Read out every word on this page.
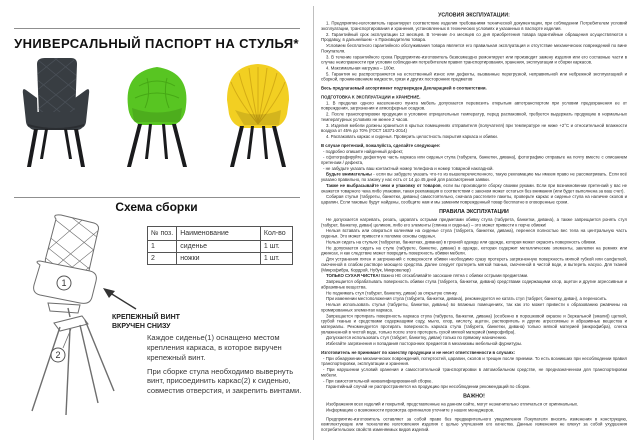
УНИВЕРСАЛЬНЫЙ ПАСПОРТ НА СТУЛЬЯ*
Схема сборки
1
2
№ поз.	Наименование	Кол-во
1	сиденье	1 шт.
2	ножки	1 шт.
КРЕПЕЖНЫЙ ВИНТ
ВКРУЧЕН СНИЗУ

Каждое сиденье(1) оснащено местом крепления каркаса, в которое вкручен крепежный винт.

При сборке стула необходимо вывернуть винт, присоединить каркас(2) к сиденью, совместив отверстия, и закрепить винтами.

УСЛОВИЯ ЭКСПЛУАТАЦИИ:
1. Предприятие-изготовитель гарантирует соответствие изделия требованиям технической документации, при соблюдении Потребителем условий эксплуатации, транспортирования и хранения, установленных в технических условиях и указанных в паспорте изделия.
2. Гарантийный срок эксплуатации 12 месяцев. В течение 4-х месяцев со дня приобретения товара гарантийные обращения осуществляются к Продавцу, в дальнейшем - к Производителю товара.
Условием бесплатного гарантийного обслуживания товара является его правильная эксплуатация и отсутствие механических повреждений по вине Покупателя.
3. В течение гарантийного срока Предприятие-изготовитель безвозмездно ремонтирует или производит замену изделия или его составные части в случае неисправности при условии соблюдения потребителем правил транспортирования, хранения, эксплуатации и сборки каркасов.
4. Максимальная нагрузка – 100кг.
5. Гарантия не распространяется на естественный износ или дефекты, вызванные перегрузкой, неправильной или небрежной эксплуатацией и сборкой, проникновением жидкости, грязи и других посторонних предметов
Весь предлагаемый ассортимент подтвержден Декларацией о соответствии.
ПОДГОТОВКА К ЭКСПЛУАТАЦИИ и ХРАНЕНИЕ.
1. В пределах одного населенного пункта мебель допускается перевозить открытым автотранспортом при условии предохранения ее от повреждения, загрязнения и атмосферных осадков.
2. После транспортировки продукции в условиях отрицательных температур, перед распаковкой, требуется выдержать продукцию в нормальных температурных условиях не менее 2 часов.
3. Изделия мебели должны храниться в крытых помещениях отправителя (получателя) при температуре не ниже +2°С и относительной влажности воздуха от 45% до 70% (ГОСТ 16371-2014)
4. Распаковать каркас и сиденья. Проверить целостность покрытия каркаса и обивки.
В случае претензий, пожалуйста, сделайте следующее:
- подробно опишите найденный дефект,
- сфотографируйте дефектную часть каркаса или сиденья стула (табурета, банкетки, дивана), фотографию отправьте на почту вместе с описанием претензии / дефекта,
- не забудьте указать ваш контактный номер телефона и номер товарной накладной.
Будьте внимательны - если вы забудете указать что-то из вышеперечисленного, такую рекламацию мы имеем право не рассматривать. Если всё указано правильно, по закону у нас есть от 14 до 45 дней для рассмотрения заявки.
Также не выбрасывайте чеки и упаковку от товаров, если вы производите сборку своими руками. Если при возникновении претензий у вас не окажется товарного чека либо упаковки, такая рекламация в соответствии с законом может остаться без внимания (или будет выполнена за ваш счет).
Собирая стулья (табуреты, банкетки, диваны) самостоятельно, сначала расстелите пакеты, проверьте каркас и сиденье стула на наличие сколов и царапин. Если таковые будут найдены, сообщите нам и мы заменим поврежденный товар бесплатно в оговоренные сроки.
ПРАВИЛА ЭКСПЛУАТАЦИИ
Не допускается нагревать, резать, царапать острыми предметами обивку стула (табурета, банкетки, дивана), а также запрещается ронять стул (табурет, банкетку, диван) целиком, либо его элементы (спинка и сиденье) – это может привести к порче обивки!
Нельзя вставать или опираться коленями на сиденье стула (табурета, банкетки, дивана), перенеся полностью вес тела на центральную часть сиденья. Это может привести к поломке основы сиденья.
Нельзя сидеть на стульях (табуретах, банкетках, диванах) в грязной одежде или одежде, которая может окрасить поверхность обивки.
Не допускается сидеть на стуле (табурете, банкетке, диване) в одежде, которая содержит металлические элементы, заклепки на ремнях или джинсах, и как следствие может повредить поверхность обивки мебели.
Для устранения пятен и загрязнений с поверхности обивки необходимо сразу протереть загрязненную поверхность мягкой губкой или салфеткой, смоченной в слабом растворе моющего средства. Далее следует протереть мягкой тканью, смоченной в чистой воде, и вытереть насухо. Для тканей (Микрофибра, Кордрой, Нубук, Микровелюр)
ТОЛЬКО СУХАЯ ЧИСТКА! Важно НЕ отскабливайте засохшие пятна с обивки острыми предметами.
Запрещается обрабатывать поверхность обивки стула (табурета, банкетки, дивана) средствами содержащими хлор, ацетон и другие агрессивные и абразивные вещества.
Не поднимать стул (табурет, банкетку, диван) за открытую спинку.
При изменении местоположения стула (табурета, банкетки, дивана), рекомендуется не катать стул (табурет, банкетку, диван), а переносить.
Нельзя использовать стулья (табуреты, банкетки, диваны) во влажных помещениях, так как это может привести к образованию ржавчины на хромированных элементах каркаса.
Запрещается протирать поверхность каркаса стула (табурета, банкетки, дивана) (особенно в порошковой окраске и Зеркальной (эмали)) щеткой, грубой тканью и средствами содержащими соду, мыло, хлор, кислоту, ацетон, растворитель и другие агрессивные и абразивные вещества и материалы. Рекомендуется протирать поверхность каркаса стула (табурета, банкетки, дивана) только мягкой материей (микрофибра), слегка увлажненной в чистой воде, только после этого протереть сухой мягкой материей (микрофибра).
Допускается использовать стул (табурет, банкетку, диван) только по прямому назначению.
Избегайте загрязнения и попадания посторонних предметов в механизмы мебельной фурнитуры.
Изготовитель не принимает по качеству продукции и не несет ответственности в случаях:
- При обнаружении механических повреждений, потертостей, царапин, сколов и трещин после приемки. То есть возникших при несоблюдении правил транспортировки, эксплуатации и хранения.
- При нарушении условий хранения и самостоятельной транспортировки в автомобильном средстве, не предназначенном для транспортировки мебели.
- При самостоятельной неквалифицированной сборке.
Гарантийный случай не распространяется на продукцию при несоблюдении рекомендаций по сборке.
ВАЖНО!
Изображения всех изделий и покрытий, представленные на данном сайте, могут незначительно отличаться от оригинальных.
Информацию о возможности просмотра оригиналов уточните у наших менеджеров.
Предприятие-изготовитель оставляет за собой право без предварительного уведомления Покупателя вносить изменения в конструкцию, комплектующие или технологию изготовления изделия с целью улучшения его качества. Данные изменения не влекут за собой ухудшения потребительских свойств изменяемых видов изделий.
